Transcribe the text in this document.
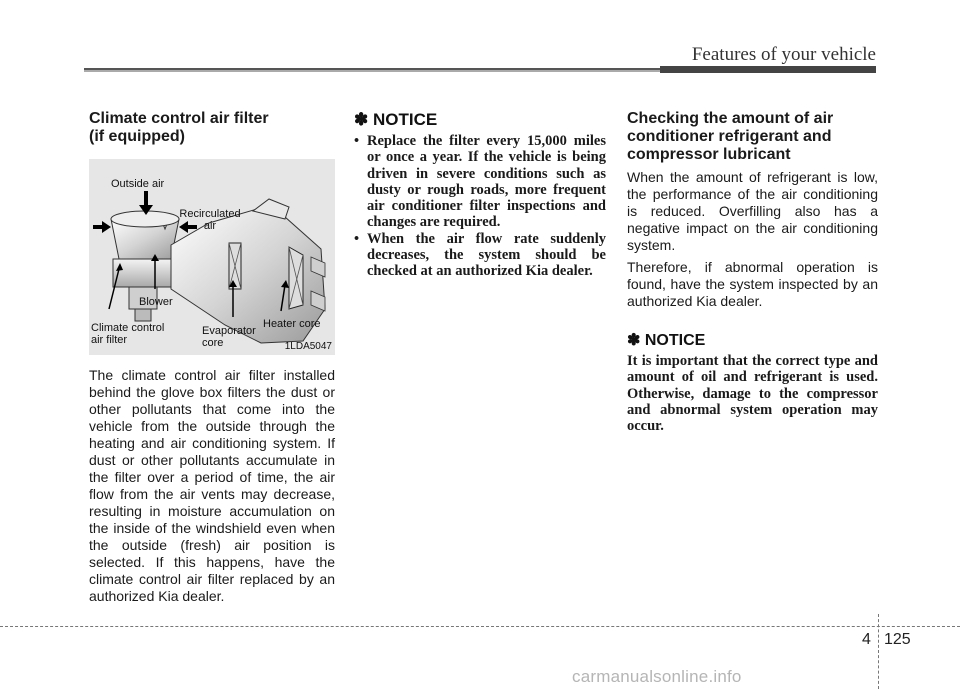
Features of your vehicle
Climate control air filter
(if equipped)
Outside air
Recirculated
air
Blower
Climate control
air filter
Evaporator
core
Heater core
1LDA5047

The climate control air filter installed behind the glove box filters the dust or other pollutants that come into the vehicle from the outside through the heating and air conditioning system. If dust or other pollutants accumulate in the filter over a period of time, the air flow from the air vents may decrease, resulting in moisture accumulation on the inside of the windshield even when the outside (fresh) air position is selected. If this happens, have the climate control air filter replaced by an authorized Kia dealer.

✽ NOTICE
• Replace the filter every 15,000 miles or once a year. If the vehicle is being driven in severe conditions such as dusty or rough roads, more frequent air conditioner filter inspections and changes are required.
• When the air flow rate suddenly decreases, the system should be checked at an authorized Kia dealer.
Checking the amount of air conditioner refrigerant and compressor lubricant

When the amount of refrigerant is low, the performance of the air conditioning is reduced. Overfilling also has a negative impact on the air conditioning system.

Therefore, if abnormal operation is found, have the system inspected by an authorized Kia dealer.

✽ NOTICE

It is important that the correct type and amount of oil and refrigerant is used. Otherwise, damage to the compressor and abnormal system operation may occur.

4 125
carmanualsonline.info
